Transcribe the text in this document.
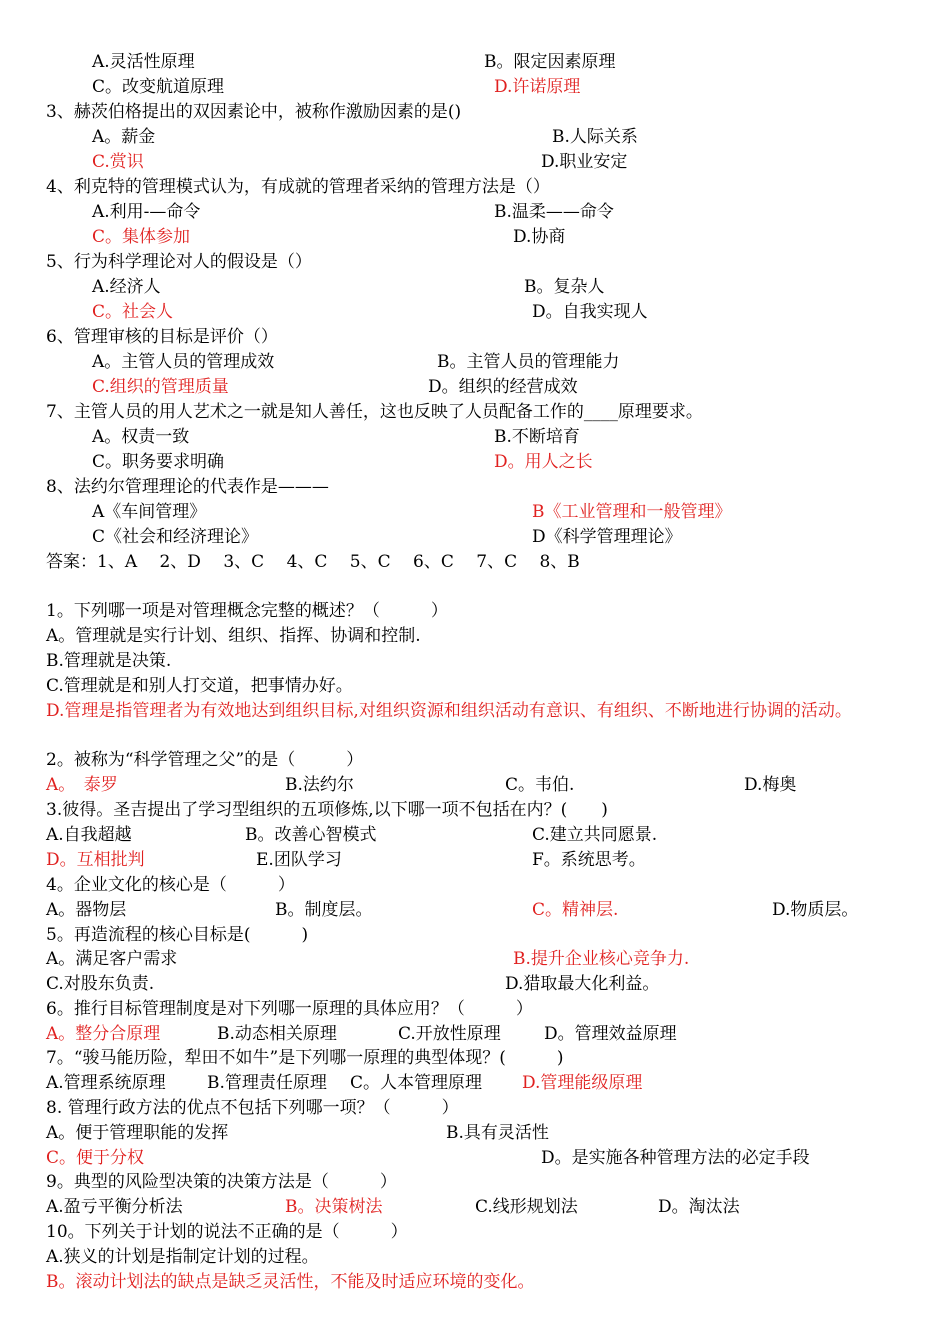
A.灵活性原理	B。限定因素原理
C。改变航道原理	D.许诺原理
3、赫茨伯格提出的双因素论中，被称作激励因素的是()
A。薪金	B.人际关系
C.赏识	D.职业安定
4、利克特的管理模式认为，有成就的管理者采纳的管理方法是（）
A.利用-—命令	B.温柔——命令
C。集体参加	D.协商
5、行为科学理论对人的假设是（）
A.经济人	B。复杂人
C。社会人	D。自我实现人
6、管理审核的目标是评价（）
A。主管人员的管理成效	B。主管人员的管理能力
C.组织的管理质量	D。组织的经营成效
7、主管人员的用人艺术之一就是知人善任，这也反映了人员配备工作的____原理要求。
A。权责一致	B.不断培育
C。职务要求明确	D。用人之长
8、法约尔管理理论的代表作是———
A《车间管理》	B《工业管理和一般管理》
C《社会和经济理论》	D《科学管理理论》
答案：1、A　 2、D　 3、C　 4、C　 5、C　 6、C　 7、C　 8、B
1。下列哪一项是对管理概念完整的概述？（　　　）
A。管理就是实行计划、组织、指挥、协调和控制.
B.管理就是决策.
C.管理就是和别人打交道，把事情办好。
D.管理是指管理者为有效地达到组织目标,对组织资源和组织活动有意识、有组织、不断地进行协调的活动。
2。被称为“科学管理之父”的是（　　　）
A。　泰罗	B.法约尔	C。韦伯.	D.梅奥
3.彼得。圣吉提出了学习型组织的五项修炼,以下哪一项不包括在内？(　　)
A.自我超越	B。改善心智模式	C.建立共同愿景.
D。互相批判	E.团队学习	F。系统思考。
4。企业文化的核心是（　　　）
A。器物层	B。制度层。	C。精神层.	D.物质层。
5。再造流程的核心目标是(　　　)
A。满足客户需求	B.提升企业核心竞争力.
C.对股东负责.	D.猎取最大化利益。
6。推行目标管理制度是对下列哪一原理的具体应用？（　　　）
A。整分合原理	B.动态相关原理	C.开放性原理	D。管理效益原理
7。“骏马能历险，犁田不如牛”是下列哪一原理的典型体现？(　　　)
A.管理系统原理 B.管理责任原理 C。人本管理原理 D.管理能级原理
8. 管理行政方法的优点不包括下列哪一项？（　　　）
A。便于管理职能的发挥	B.具有灵活性
C。便于分权	D。是实施各种管理方法的必定手段
9。典型的风险型决策的决策方法是（　　　）
A.盈亏平衡分析法	B。决策树法	C.线形规划法	D。淘汰法
10。下列关于计划的说法不正确的是（　　　）
A.狭义的计划是指制定计划的过程。
B。滚动计划法的缺点是缺乏灵活性，不能及时适应环境的变化。
